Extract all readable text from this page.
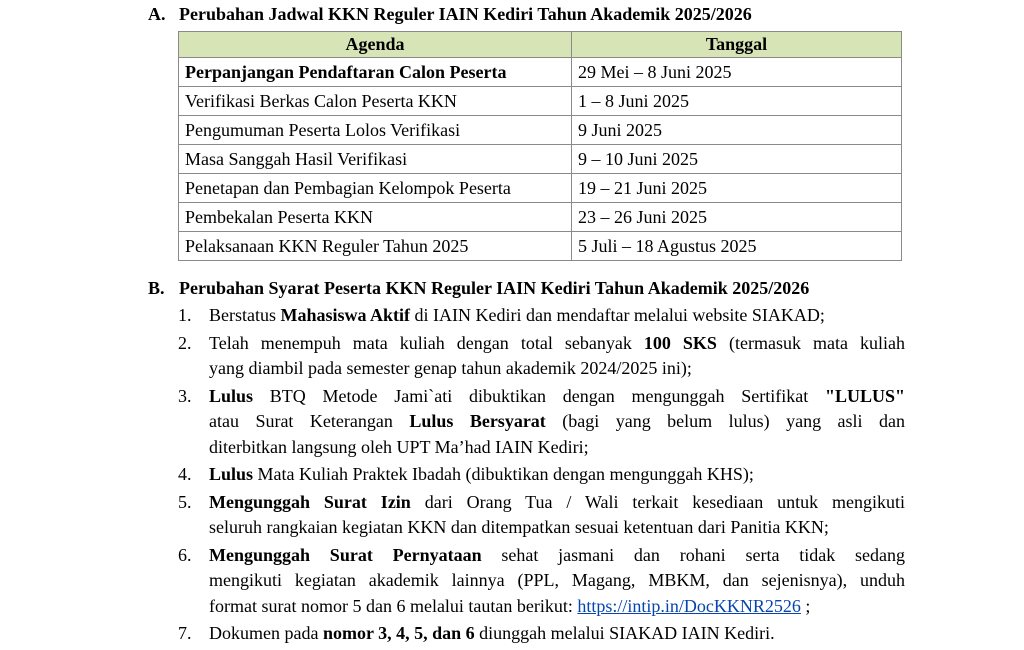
A. Perubahan Jadwal KKN Reguler IAIN Kediri Tahun Akademik 2025/2026
Agenda	Tanggal
Perpanjangan Pendaftaran Calon Peserta	29 Mei – 8 Juni 2025
Verifikasi Berkas Calon Peserta KKN	1 – 8 Juni 2025
Pengumuman Peserta Lolos Verifikasi	9 Juni 2025
Masa Sanggah Hasil Verifikasi	9 – 10 Juni 2025
Penetapan dan Pembagian Kelompok Peserta	19 – 21 Juni 2025
Pembekalan Peserta KKN	23 – 26 Juni 2025
Pelaksanaan KKN Reguler Tahun 2025	5 Juli – 18 Agustus 2025
B. Perubahan Syarat Peserta KKN Reguler IAIN Kediri Tahun Akademik 2025/2026
1. Berstatus Mahasiswa Aktif di IAIN Kediri dan mendaftar melalui website SIAKAD;
2. Telah menempuh mata kuliah dengan total sebanyak 100 SKS (termasuk mata kuliah
yang diambil pada semester genap tahun akademik 2024/2025 ini);
3. Lulus BTQ Metode Jami`ati dibuktikan dengan mengunggah Sertifikat "LULUS"
atau Surat Keterangan Lulus Bersyarat (bagi yang belum lulus) yang asli dan
diterbitkan langsung oleh UPT Ma’had IAIN Kediri;
4. Lulus Mata Kuliah Praktek Ibadah (dibuktikan dengan mengunggah KHS);
5. Mengunggah Surat Izin dari Orang Tua / Wali terkait kesediaan untuk mengikuti
seluruh rangkaian kegiatan KKN dan ditempatkan sesuai ketentuan dari Panitia KKN;
6. Mengunggah Surat Pernyataan sehat jasmani dan rohani serta tidak sedang
mengikuti kegiatan akademik lainnya (PPL, Magang, MBKM, dan sejenisnya), unduh
format surat nomor 5 dan 6 melalui tautan berikut: https://intip.in/DocKKNR2526 ;
7. Dokumen pada nomor 3, 4, 5, dan 6 diunggah melalui SIAKAD IAIN Kediri.
